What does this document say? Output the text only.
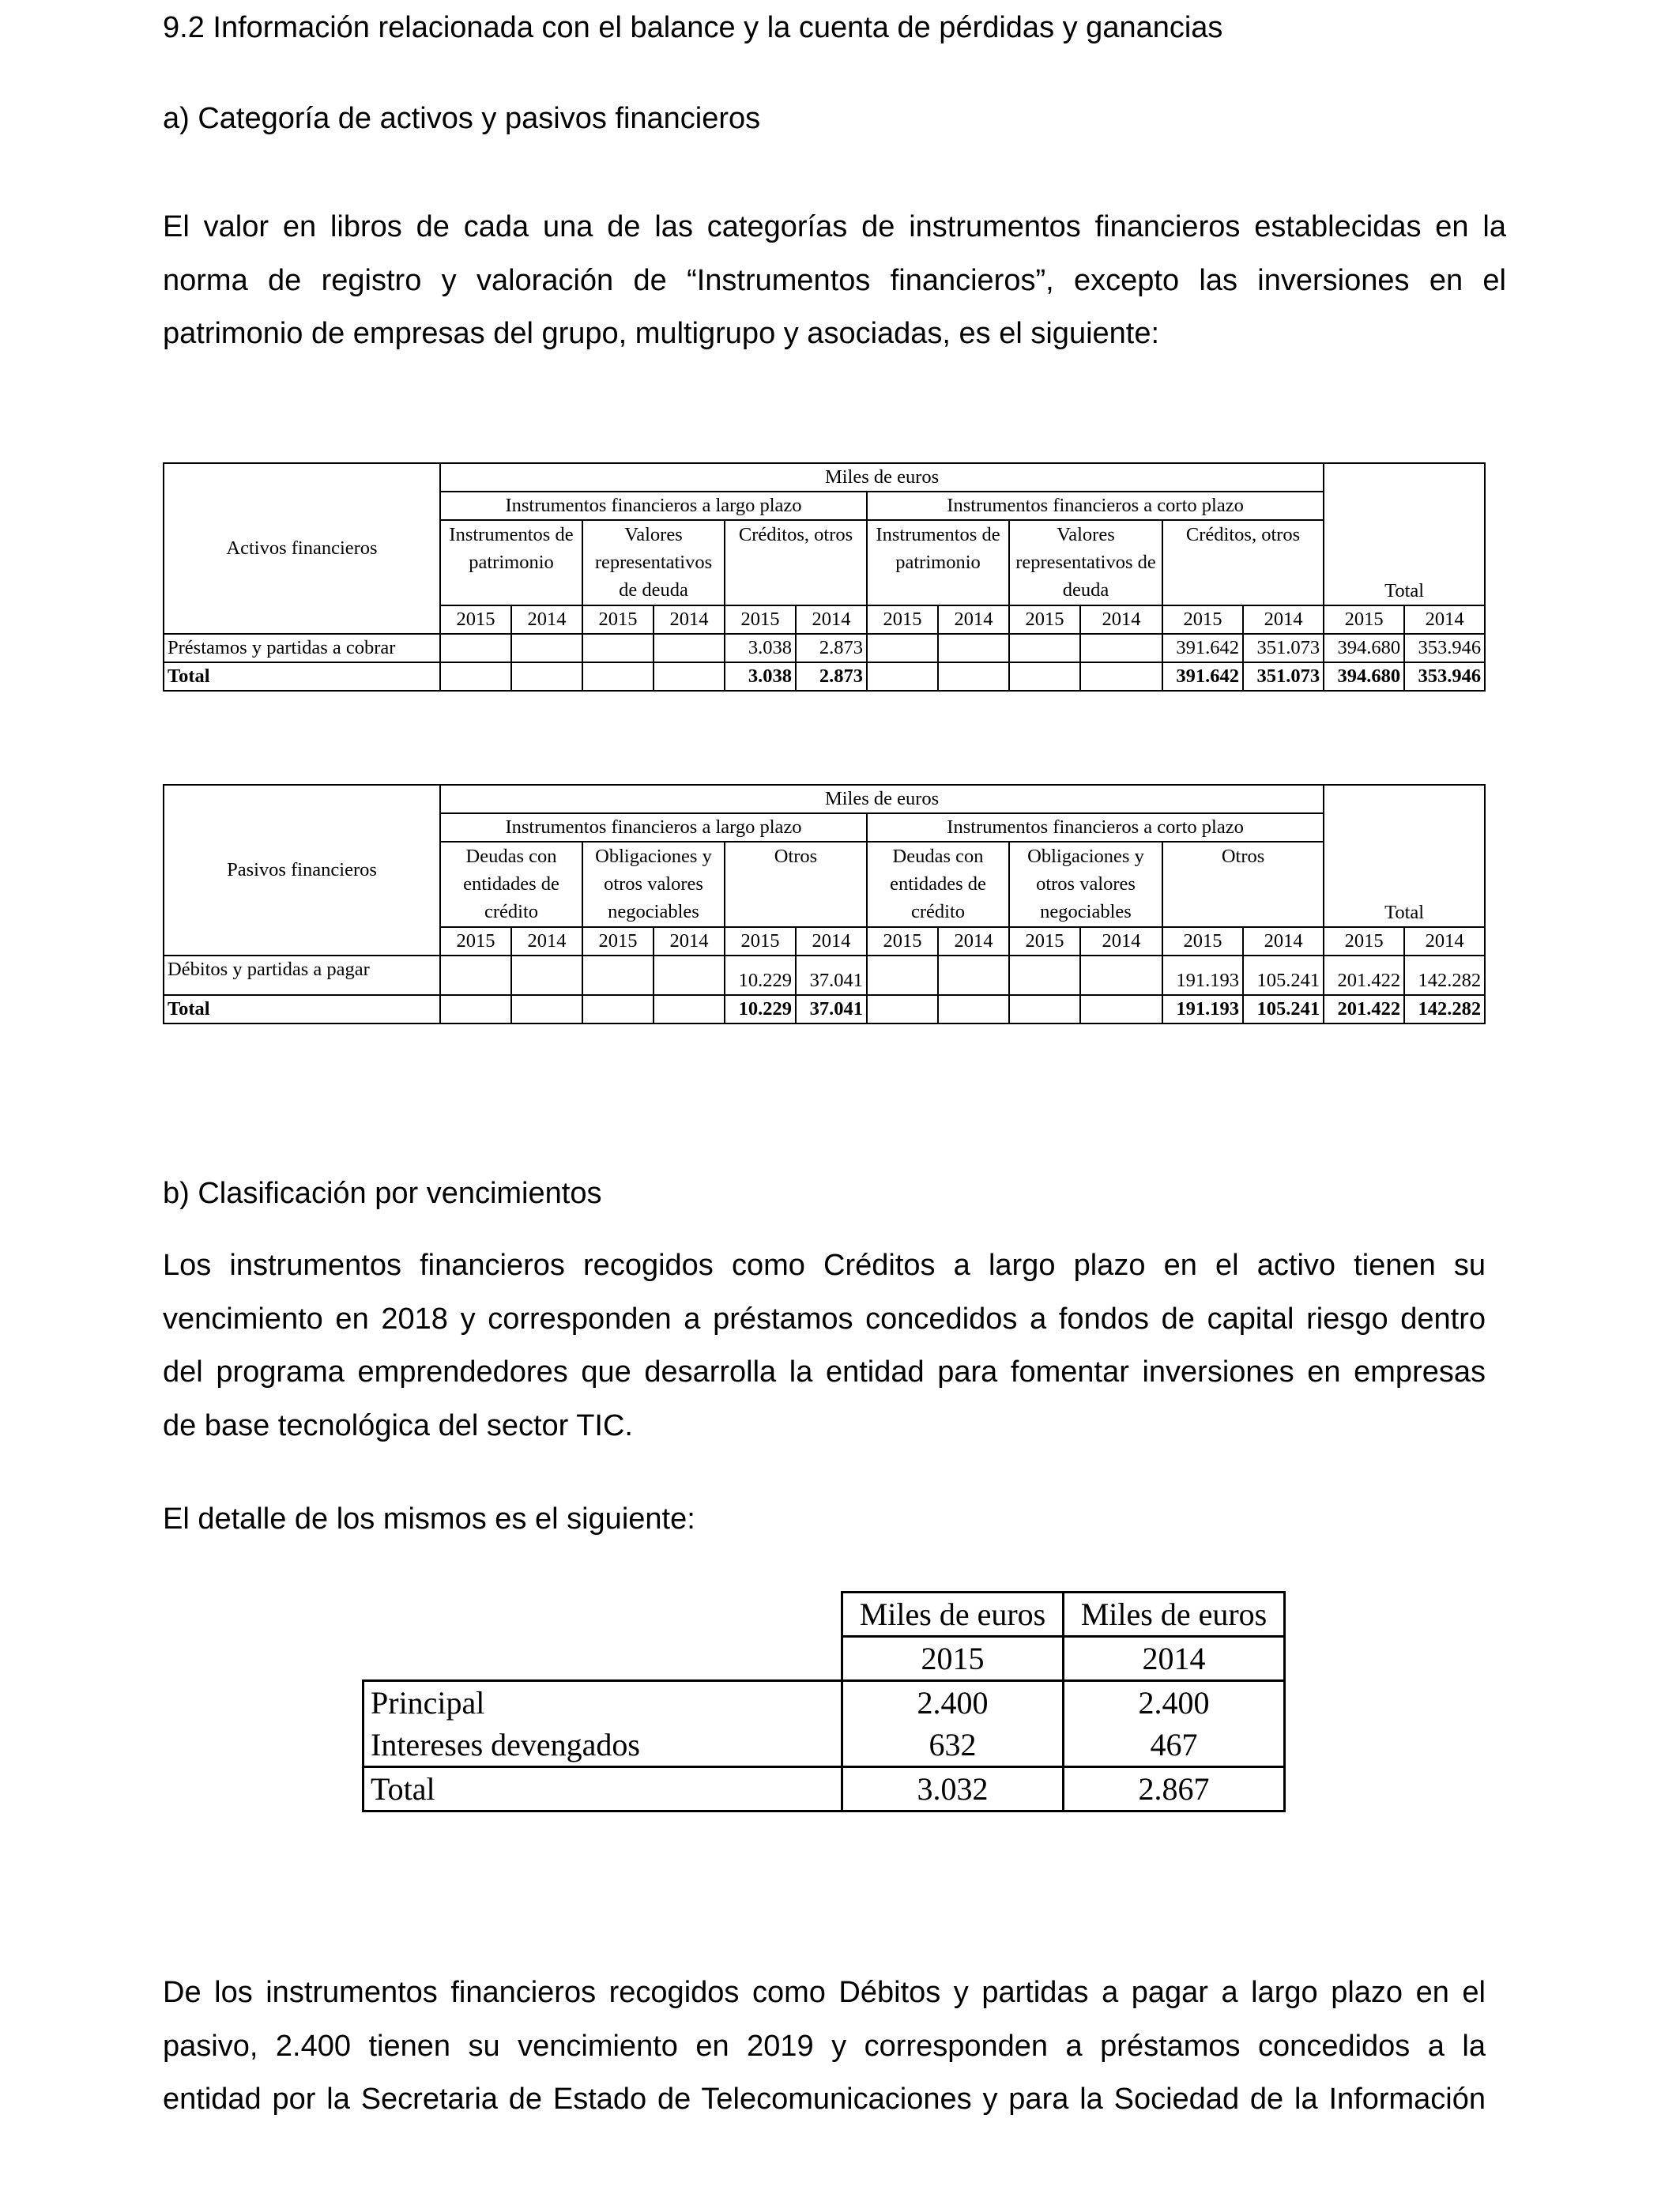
9.2 Información relacionada con el balance y la cuenta de pérdidas y ganancias
a) Categoría de activos y pasivos financieros
El valor en libros de cada una de las categorías de instrumentos financieros establecidas en la
norma de registro y valoración de “Instrumentos financieros”, excepto las inversiones en el
patrimonio de empresas del grupo, multigrupo y asociadas, es el siguiente:
Activos financieros	Miles de euros												Total	
	Instrumentos financieros a largo plazo						Instrumentos financieros a corto plazo							
	Instrumentos de patrimonio		Valores representativos de deuda		Créditos, otros		Instrumentos de patrimonio		Valores representativos de deuda		Créditos, otros			

	2015	2014	2015	2014	2015	2014	2015	2014	2015	2014	2015	2014	2015	2014
Préstamos y partidas a cobrar					3.038	2.873					391.642	351.073	394.680	353.946
Total					3.038	2.873					391.642	351.073	394.680	353.946
Pasivos financieros	Miles de euros												Total	
	Instrumentos financieros a largo plazo						Instrumentos financieros a corto plazo							
	Deudas con entidades de crédito		Obligaciones y otros valores negociables		Otros		Deudas con entidades de crédito		Obligaciones y otros valores negociables		Otros			

	2015	2014	2015	2014	2015	2014	2015	2014	2015	2014	2015	2014	2015	2014
Débitos y partidas a pagar					10.229	37.041					191.193	105.241	201.422	142.282
Total					10.229	37.041					191.193	105.241	201.422	142.282
b) Clasificación por vencimientos
Los instrumentos financieros recogidos como Créditos a largo plazo en el activo tienen su
vencimiento en 2018 y corresponden a préstamos concedidos a fondos de capital riesgo dentro
del programa emprendedores que desarrolla la entidad para fomentar inversiones en empresas
de base tecnológica del sector TIC.
El detalle de los mismos es el siguiente:
	Miles de euros	Miles de euros
	2015	2014
Principal	2.400	2.400
Intereses devengados	632	467
Total	3.032	2.867
De los instrumentos financieros recogidos como Débitos y partidas a pagar a largo plazo en el
pasivo, 2.400 tienen su vencimiento en 2019 y corresponden a préstamos concedidos a la
entidad por la Secretaria de Estado de Telecomunicaciones y para la Sociedad de la Información
